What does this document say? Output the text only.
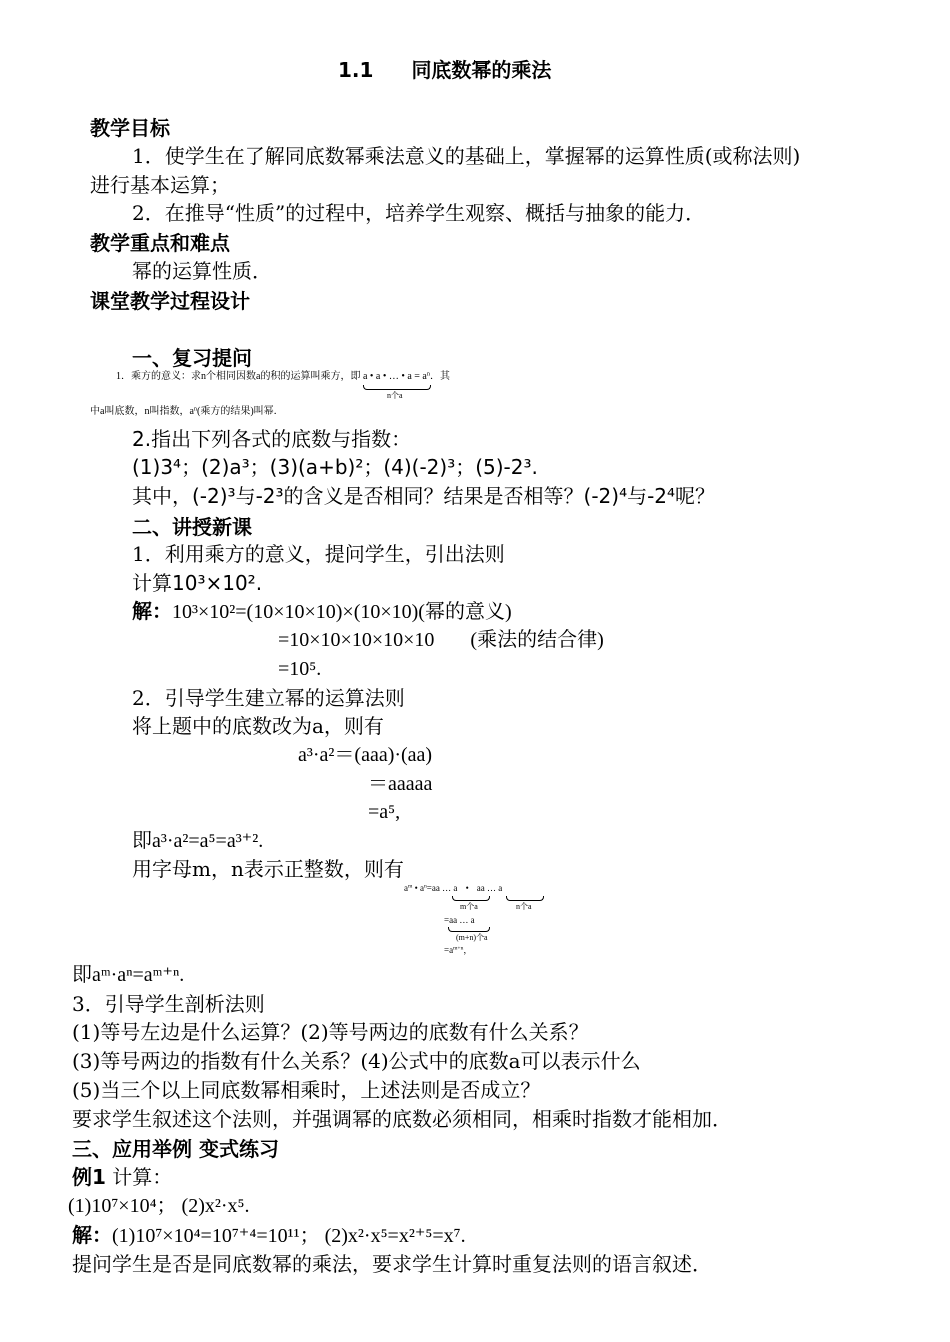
1.1 同底数幂的乘法
教学目标
1．使学生在了解同底数幂乘法意义的基础上，掌握幂的运算性质(或称法则)
进行基本运算；
2．在推导“性质”的过程中，培养学生观察、概括与抽象的能力．
教学重点和难点
幂的运算性质．
课堂教学过程设计
一、复习提问
1．乘方的意义：求n个相同因数a的积的运算叫乘方，即 a • a • … • $a = a^n$
n个a
．其
中a叫底数，n叫指数，$a^n$(乘方的结果)叫幂．
2.指出下列各式的底数与指数：
(1)3⁴；(2)a³；(3)(a+b)²；(4)(-2)³；(5)-2³.
其中，(-2)³与-2³的含义是否相同？结果是否相等？(-2)⁴与-2⁴呢？
二、讲授新课
1．利用乘方的意义，提问学生，引出法则
计算10³×10².
解：10³×10²=(10×10×10)×(10×10)(幂的意义)
=10×10×10×10×10 (乘法的结合律)
=10⁵.
2．引导学生建立幂的运算法则
将上题中的底数改为a，则有
a³·a²＝(aaa)·(aa)
＝aaaaa
=a⁵,
即a³·a²=a⁵=a³⁺².
用字母m，n表示正整数，则有
$a^m$ • $a^n=aa$ … a • aa … a
m个a	n个a
=aa … a
(m+n)个a
$=a^{m+n}$，
即aᵐ·aⁿ=aᵐ⁺ⁿ.
3．引导学生剖析法则
(1)等号左边是什么运算？(2)等号两边的底数有什么关系？
(3)等号两边的指数有什么关系？(4)公式中的底数a可以表示什么
(5)当三个以上同底数幂相乘时，上述法则是否成立？
要求学生叙述这个法则，并强调幂的底数必须相同，相乘时指数才能相加．
三、应用举例 变式练习
例1 计算：
(1)10⁷×10⁴； (2)x²·x⁵.
解：(1)10⁷×10⁴=10⁷⁺⁴=10¹¹； (2)x²·x⁵=x²⁺⁵=x⁷.
提问学生是否是同底数幂的乘法，要求学生计算时重复法则的语言叙述．
